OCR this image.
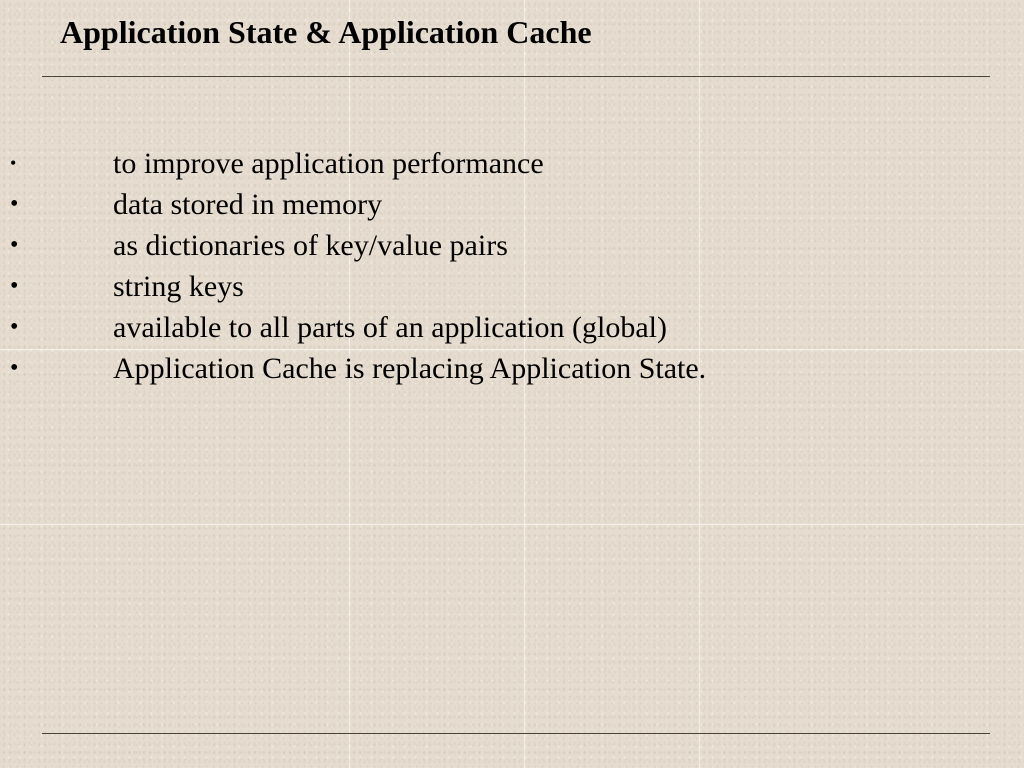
Application State & Application Cache
•	to improve application performance
•	data stored in memory
•	as dictionaries of key/value pairs
•	string keys
•	available to all parts of an application (global)
•	Application Cache is replacing Application State.
